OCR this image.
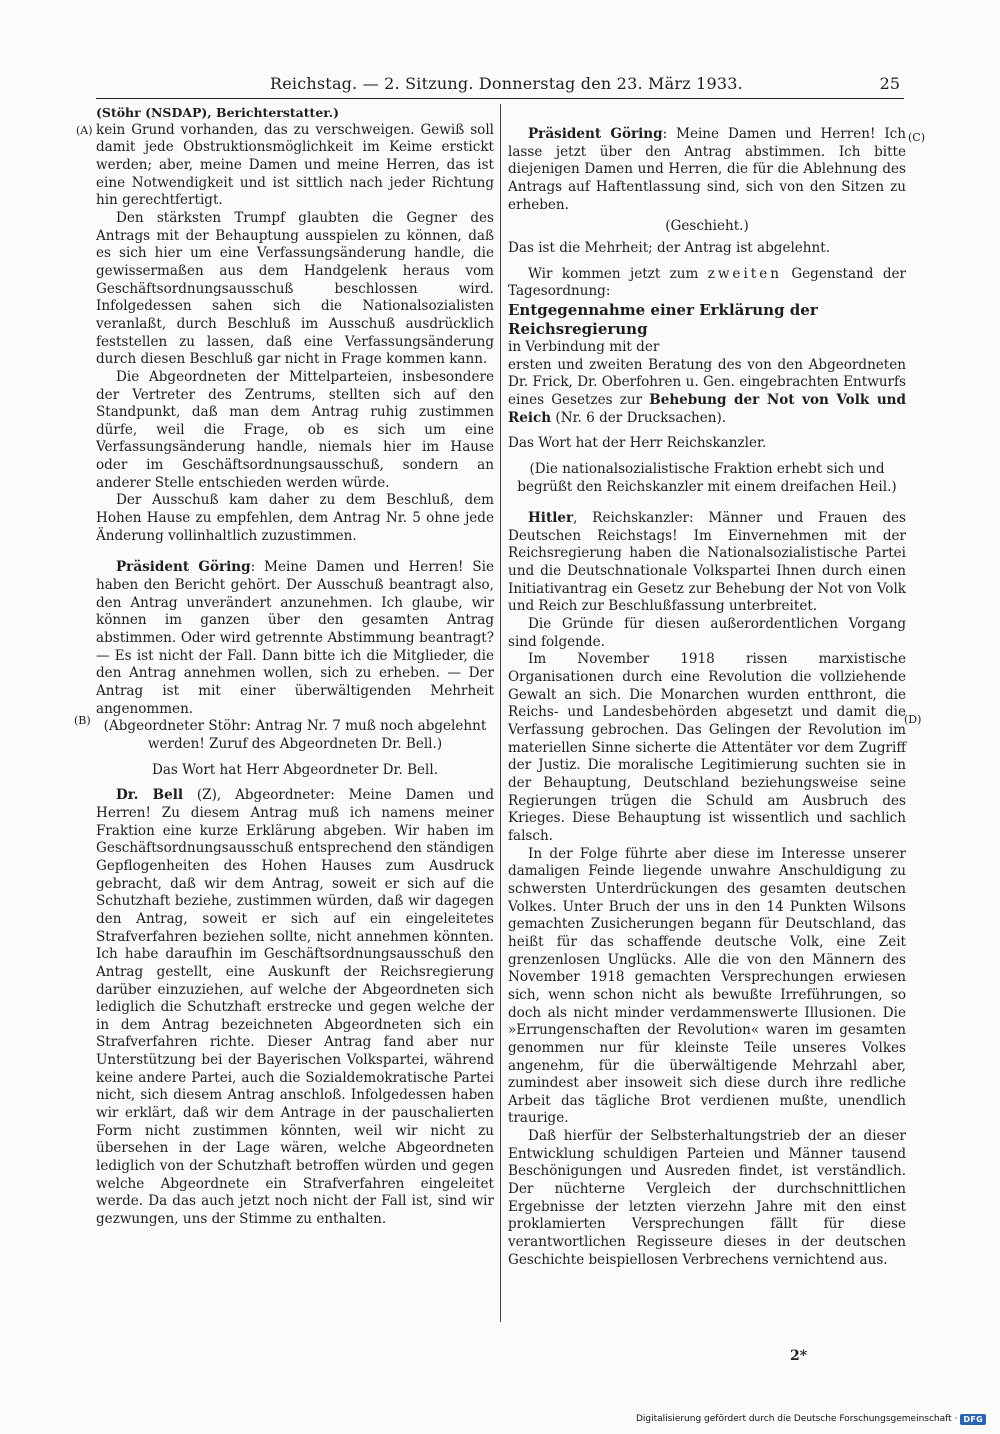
Reichstag. — 2. Sitzung. Donnerstag den 23. März 1933.	25
(A)
(B)
(C)
(D)

(Stöhr (NSDAP), Berichterstatter.)

kein Grund vorhanden, das zu verschweigen. Gewiß soll damit jede Obstruktionsmöglichkeit im Keime erstickt werden; aber, meine Damen und meine Herren, das ist eine Notwendigkeit und ist sittlich nach jeder Richtung hin gerechtfertigt.

Den stärksten Trumpf glaubten die Gegner des Antrags mit der Behauptung ausspielen zu können, daß es sich hier um eine Verfassungsänderung handle, die gewissermaßen aus dem Handgelenk heraus vom Geschäftsordnungsausschuß beschlossen wird. Infolgedessen sahen sich die Nationalsozialisten veranlaßt, durch Beschluß im Ausschuß ausdrücklich feststellen zu lassen, daß eine Verfassungsänderung durch diesen Beschluß gar nicht in Frage kommen kann.

Die Abgeordneten der Mittelparteien, insbesondere der Vertreter des Zentrums, stellten sich auf den Standpunkt, daß man dem Antrag ruhig zustimmen dürfe, weil die Frage, ob es sich um eine Verfassungsänderung handle, niemals hier im Hause oder im Geschäftsordnungsausschuß, sondern an anderer Stelle entschieden werden würde.

Der Ausschuß kam daher zu dem Beschluß, dem Hohen Hause zu empfehlen, dem Antrag Nr. 5 ohne jede Änderung vollinhaltlich zuzustimmen.

Präsident Göring: Meine Damen und Herren! Sie haben den Bericht gehört. Der Ausschuß beantragt also, den Antrag unverändert anzunehmen. Ich glaube, wir können im ganzen über den gesamten Antrag abstimmen. Oder wird getrennte Abstimmung beantragt? — Es ist nicht der Fall. Dann bitte ich die Mitglieder, die den Antrag annehmen wollen, sich zu erheben. — Der Antrag ist mit einer überwältigenden Mehrheit angenommen.

(Abgeordneter Stöhr: Antrag Nr. 7 muß noch abgelehnt werden! Zuruf des Abgeordneten Dr. Bell.)

Das Wort hat Herr Abgeordneter Dr. Bell.

Dr. Bell (Z), Abgeordneter: Meine Damen und Herren! Zu diesem Antrag muß ich namens meiner Fraktion eine kurze Erklärung abgeben. Wir haben im Geschäftsordnungsausschuß entsprechend den ständigen Gepflogenheiten des Hohen Hauses zum Ausdruck gebracht, daß wir dem Antrag, soweit er sich auf die Schutzhaft beziehe, zustimmen würden, daß wir dagegen den Antrag, soweit er sich auf ein eingeleitetes Strafverfahren beziehen sollte, nicht annehmen könnten. Ich habe daraufhin im Geschäftsordnungsausschuß den Antrag gestellt, eine Auskunft der Reichsregierung darüber einzuziehen, auf welche der Abgeordneten sich lediglich die Schutzhaft erstrecke und gegen welche der in dem Antrag bezeichneten Abgeordneten sich ein Strafverfahren richte. Dieser Antrag fand aber nur Unterstützung bei der Bayerischen Volkspartei, während keine andere Partei, auch die Sozialdemokratische Partei nicht, sich diesem Antrag anschloß. Infolgedessen haben wir erklärt, daß wir dem Antrage in der pauschalierten Form nicht zustimmen könnten, weil wir nicht zu übersehen in der Lage wären, welche Abgeordneten lediglich von der Schutzhaft betroffen würden und gegen welche Abgeordnete ein Strafverfahren eingeleitet werde. Da das auch jetzt noch nicht der Fall ist, sind wir gezwungen, uns der Stimme zu enthalten.

Präsident Göring: Meine Damen und Herren! Ich lasse jetzt über den Antrag abstimmen. Ich bitte diejenigen Damen und Herren, die für die Ablehnung des Antrags auf Haftentlassung sind, sich von den Sitzen zu erheben.

(Geschieht.)

Das ist die Mehrheit; der Antrag ist abgelehnt.

Wir kommen jetzt zum zweiten Gegenstand der Tagesordnung:

Entgegennahme einer Erklärung der Reichsregierung

in Verbindung mit der

ersten und zweiten Beratung des von den Abgeordneten Dr. Frick, Dr. Oberfohren u. Gen. eingebrachten Entwurfs eines Gesetzes zur Behebung der Not von Volk und Reich (Nr. 6 der Drucksachen).

Das Wort hat der Herr Reichskanzler.

(Die nationalsozialistische Fraktion erhebt sich und begrüßt den Reichskanzler mit einem dreifachen Heil.)

Hitler, Reichskanzler: Männer und Frauen des Deutschen Reichstags! Im Einvernehmen mit der Reichsregierung haben die Nationalsozialistische Partei und die Deutschnationale Volkspartei Ihnen durch einen Initiativantrag ein Gesetz zur Behebung der Not von Volk und Reich zur Beschlußfassung unterbreitet.

Die Gründe für diesen außerordentlichen Vorgang sind folgende.

Im November 1918 rissen marxistische Organisationen durch eine Revolution die vollziehende Gewalt an sich. Die Monarchen wurden entthront, die Reichs- und Landesbehörden abgesetzt und damit die Verfassung gebrochen. Das Gelingen der Revolution im materiellen Sinne sicherte die Attentäter vor dem Zugriff der Justiz. Die moralische Legitimierung suchten sie in der Behauptung, Deutschland beziehungsweise seine Regierungen trügen die Schuld am Ausbruch des Krieges. Diese Behauptung ist wissentlich und sachlich falsch.

In der Folge führte aber diese im Interesse unserer damaligen Feinde liegende unwahre Anschuldigung zu schwersten Unterdrückungen des gesamten deutschen Volkes. Unter Bruch der uns in den 14 Punkten Wilsons gemachten Zusicherungen begann für Deutschland, das heißt für das schaffende deutsche Volk, eine Zeit grenzenlosen Unglücks. Alle die von den Männern des November 1918 gemachten Versprechungen erwiesen sich, wenn schon nicht als bewußte Irreführungen, so doch als nicht minder verdammenswerte Illusionen. Die »Errungenschaften der Revolution« waren im gesamten genommen nur für kleinste Teile unseres Volkes angenehm, für die überwältigende Mehrzahl aber, zumindest aber insoweit sich diese durch ihre redliche Arbeit das tägliche Brot verdienen mußte, unendlich traurige.

Daß hierfür der Selbsterhaltungstrieb der an dieser Entwicklung schuldigen Parteien und Männer tausend Beschönigungen und Ausreden findet, ist verständlich. Der nüchterne Vergleich der durchschnittlichen Ergebnisse der letzten vierzehn Jahre mit den einst proklamierten Versprechungen fällt für diese verantwortlichen Regisseure dieses in der deutschen Geschichte beispiellosen Verbrechens vernichtend aus.

2*
Digitalisierung gefördert durch die Deutsche Forschungsgemeinschaft · DFG
